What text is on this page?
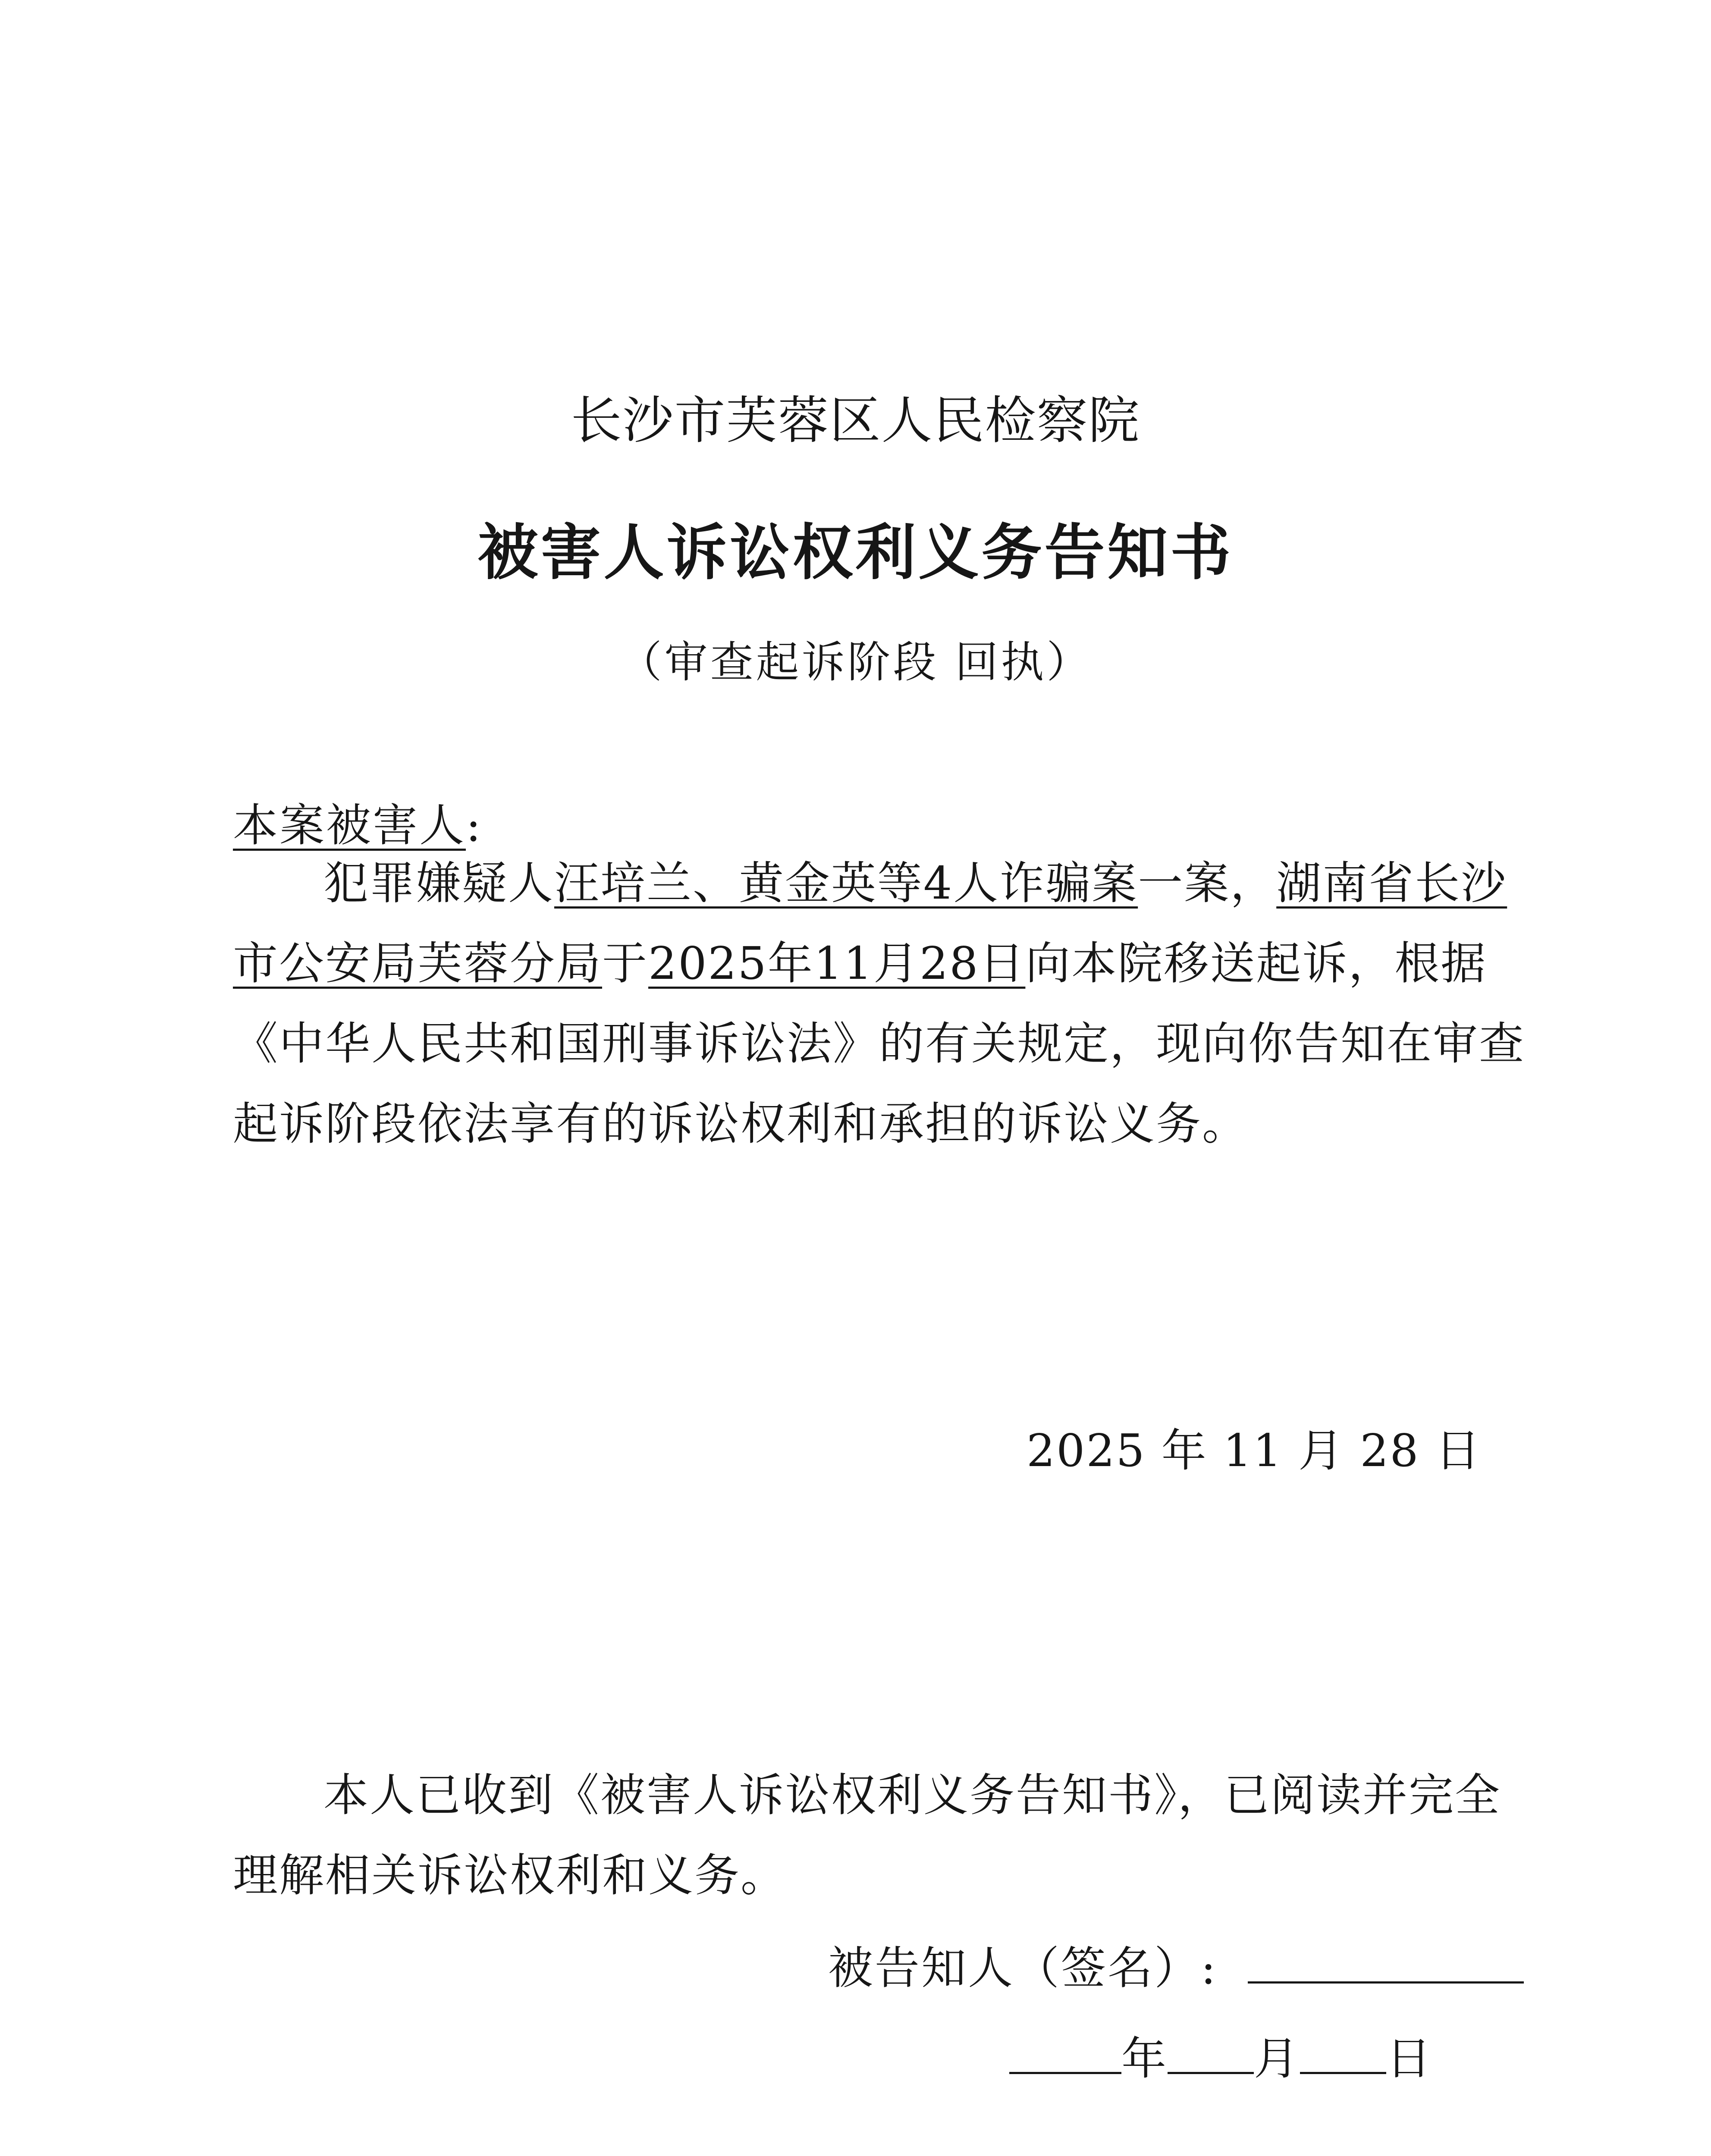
长沙市芙蓉区人民检察院
被害人诉讼权利义务告知书
（审查起诉阶段 回执）
本案被害人:
犯罪嫌疑人汪培兰、黄金英等4人诈骗案一案，湖南省长沙
市公安局芙蓉分局于2025年11月28日向本院移送起诉，根据
《中华人民共和国刑事诉讼法》的有关规定，现向你告知在审查
起诉阶段依法享有的诉讼权利和承担的诉讼义务。
2025 年 11 月 28 日
本人已收到《被害人诉讼权利义务告知书》，已阅读并完全
理解相关诉讼权利和义务。
被告知人（签名）:
年 月 日
